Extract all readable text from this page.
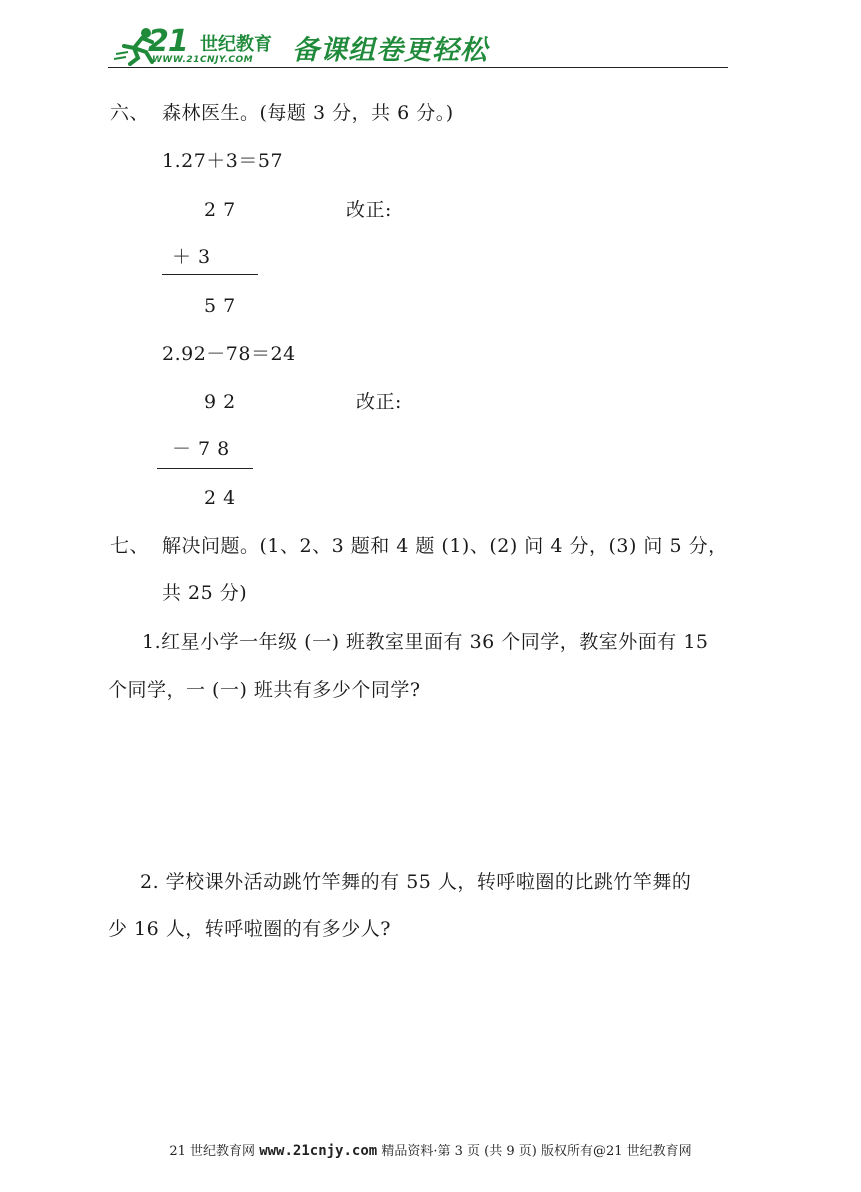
21 世纪教育
WWW.21CNJY.COM 备课组卷更轻松
六、 森林医生。(每题 3 分，共 6 分。)
1.27＋3＝57
2 7	改正:
＋ 3
5 7
2.92－78＝24
9 2	改正:
－ 7 8
2 4
七、 解决问题。(1、2、3 题和 4 题 (1)、(2) 问 4 分，(3) 问 5 分，
共 25 分)
1.红星小学一年级 (一) 班教室里面有 36 个同学，教室外面有 15
个同学，一 (一) 班共有多少个同学?
2. 学校课外活动跳竹竿舞的有 55 人，转呼啦圈的比跳竹竿舞的
少 16 人，转呼啦圈的有多少人?
21 世纪教育网 www.21cnjy.com 精品资料·第 3 页 (共 9 页) 版权所有@21 世纪教育网
